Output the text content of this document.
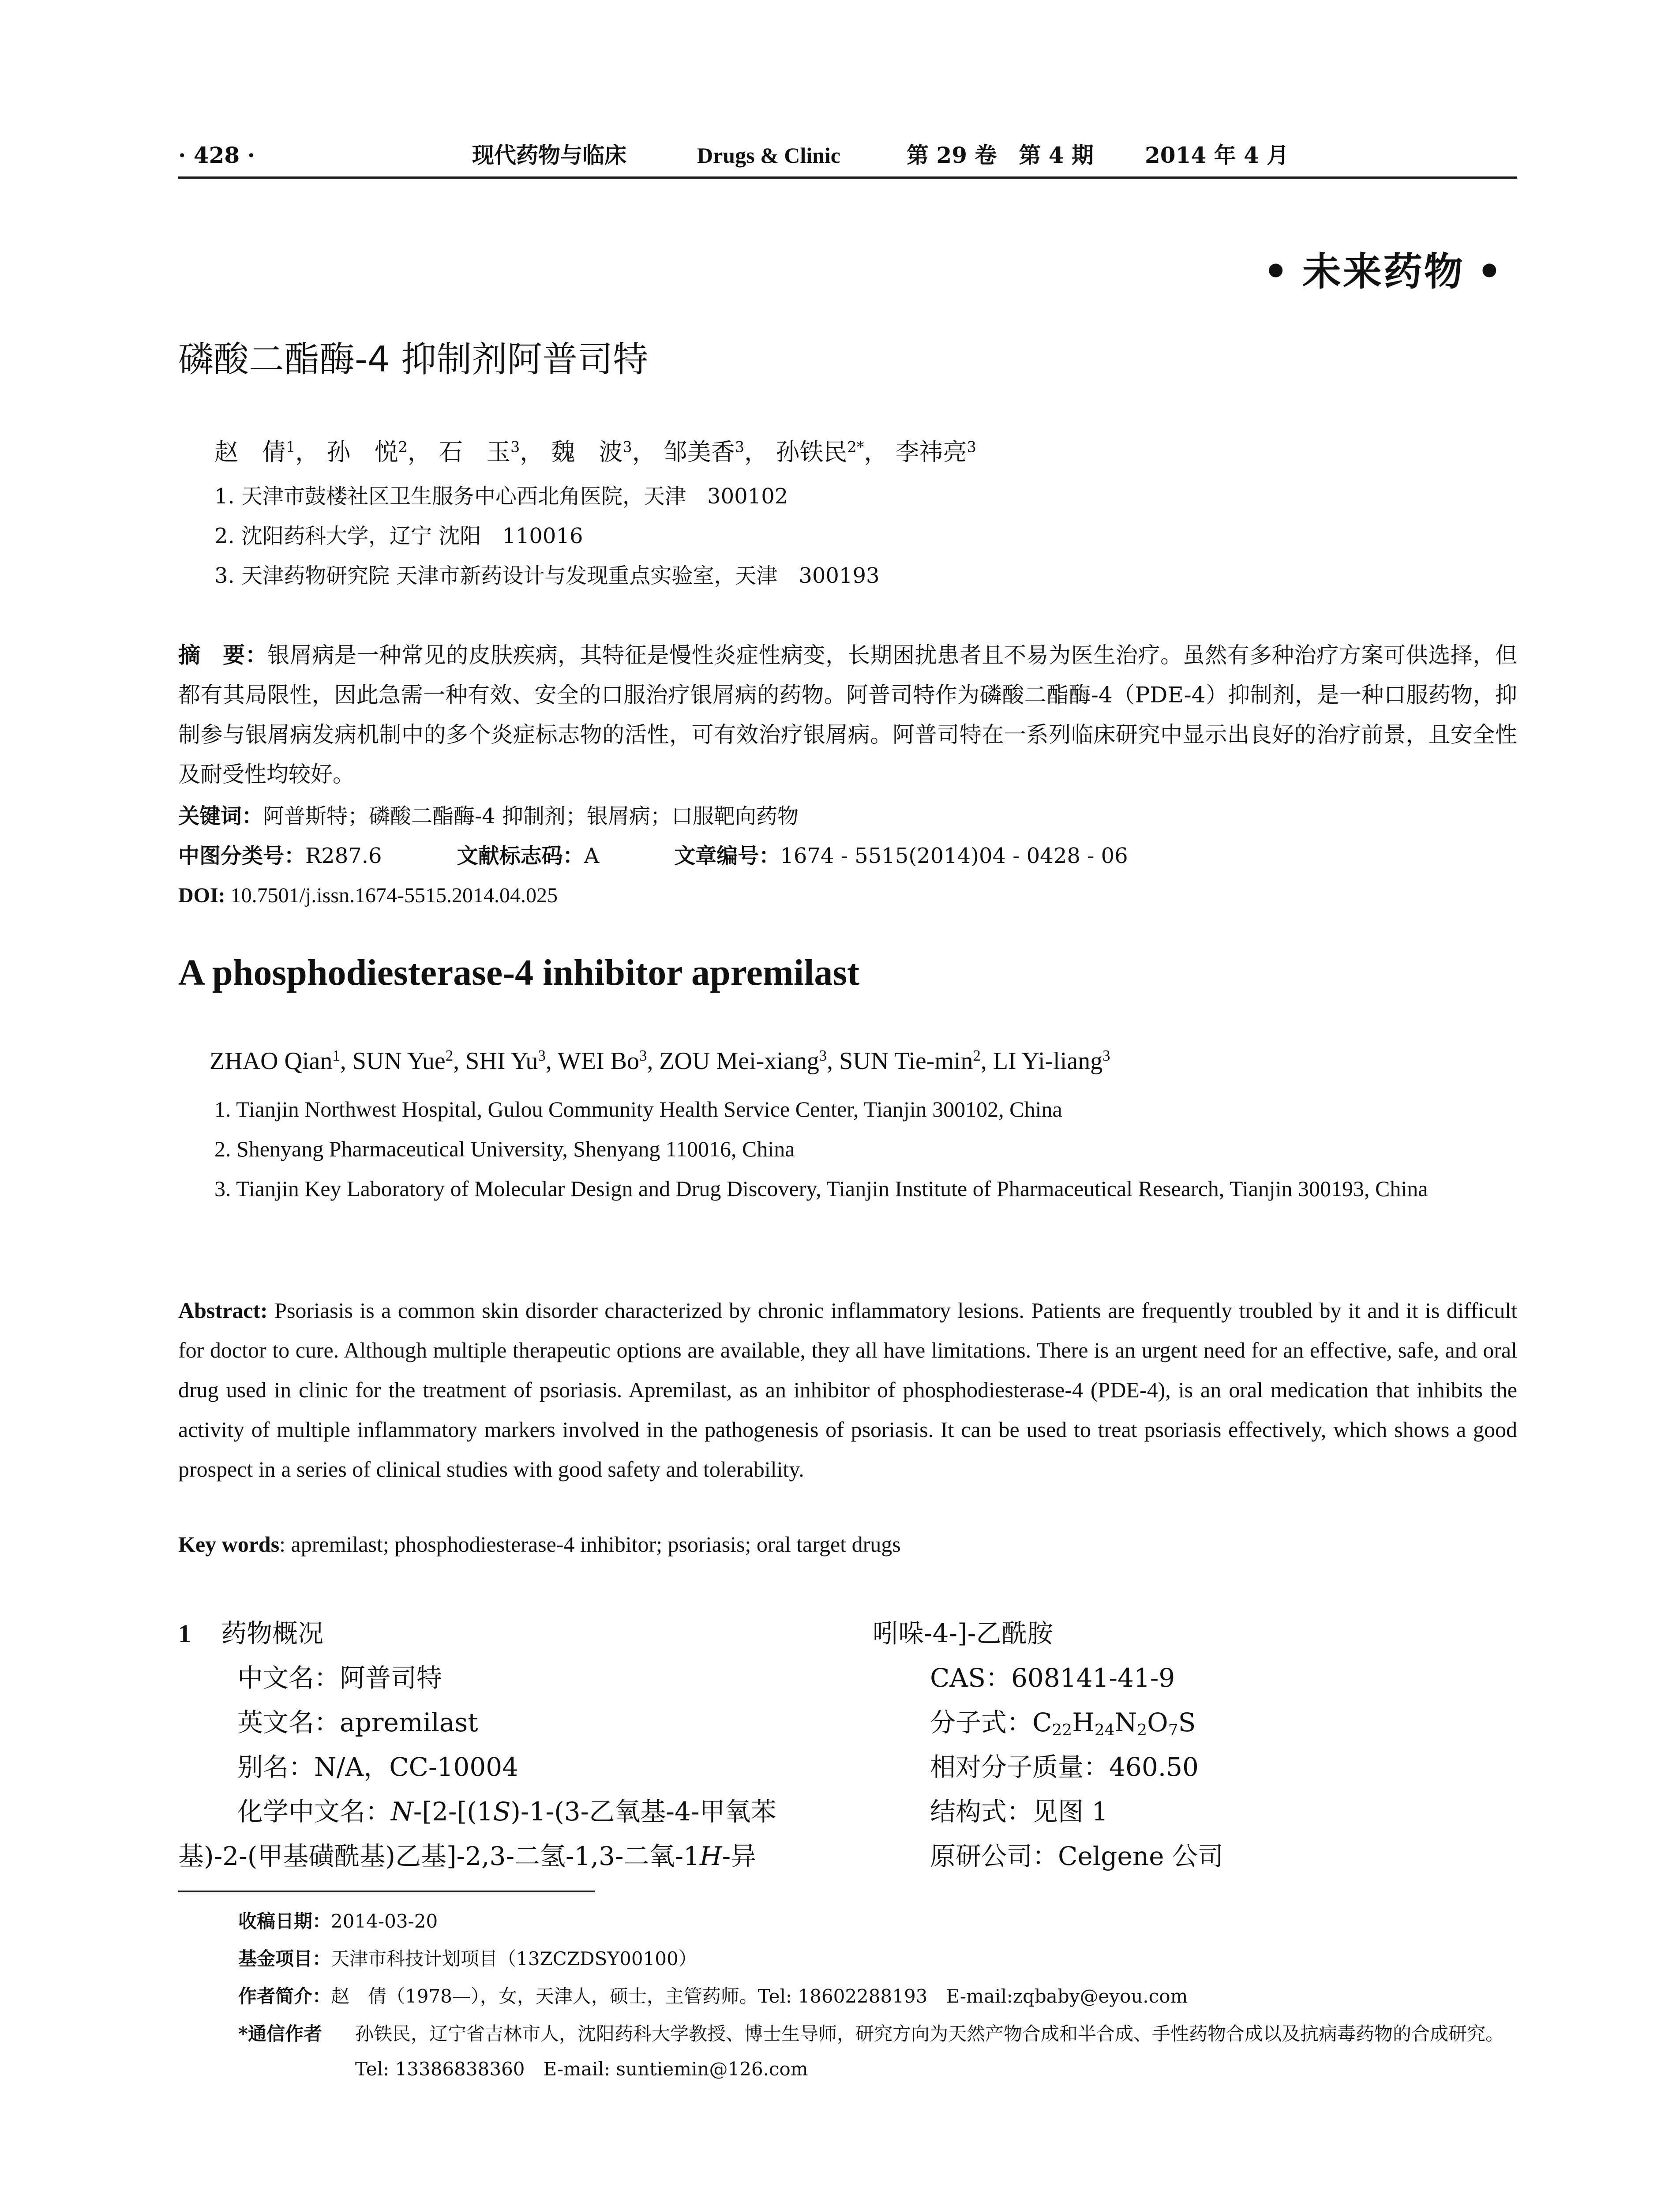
· 428 ·	现代药物与临床	Drugs & Clinic	第 29 卷　第 4 期 2014 年 4 月
• 未来药物 •
磷酸二酯酶-4 抑制剂阿普司特
赵　倩$^1$， 孙　悦$^2$， 石　玉$^3$， 魏　波$^3$， 邹美香$^3$， 孙铁民$^{2*}$， 李祎亮$^3$
1. 天津市鼓楼社区卫生服务中心西北角医院，天津　300102
2. 沈阳药科大学，辽宁 沈阳　110016
3. 天津药物研究院 天津市新药设计与发现重点实验室，天津　300193
摘　要：银屑病是一种常见的皮肤疾病，其特征是慢性炎症性病变，长期困扰患者且不易为医生治疗。虽然有多种治疗方案可供选择，但都有其局限性，因此急需一种有效、安全的口服治疗银屑病的药物。阿普司特作为磷酸二酯酶-4（PDE-4）抑制剂，是一种口服药物，抑制参与银屑病发病机制中的多个炎症标志物的活性，可有效治疗银屑病。阿普司特在一系列临床研究中显示出良好的治疗前景，且安全性及耐受性均较好。
关键词：阿普斯特；磷酸二酯酶-4 抑制剂；银屑病；口服靶向药物
中图分类号：R287.6	文献标志码：A	文章编号：1674 - 5515(2014)04 - 0428 - 06
DOI: 10.7501/j.issn.1674-5515.2014.04.025
A phosphodiesterase-4 inhibitor apremilast
ZHAO Qian$^1$, SUN Yue$^2$, SHI Yu$^3$, WEI Bo$^3$, ZOU Mei-xiang$^3$, SUN Tie-$\min^2$, LI Yi-liang$^3$
1. Tianjin Northwest Hospital, Gulou Community Health Service Center, Tianjin 300102, China
2. Shenyang Pharmaceutical University, Shenyang 110016, China
3. Tianjin Key Laboratory of Molecular Design and Drug Discovery, Tianjin Institute of Pharmaceutical Research, Tianjin 300193, China
Abstract: Psoriasis is a common skin disorder characterized by chronic inflammatory lesions. Patients are frequently troubled by it and it is difficult for doctor to cure. Although multiple therapeutic options are available, they all have limitations. There is an urgent need for an effective, safe, and oral drug used in clinic for the treatment of psoriasis. Apremilast, as an inhibitor of phosphodiesterase-4 (PDE-4), is an oral medication that inhibits the activity of multiple inflammatory markers involved in the pathogenesis of psoriasis. It can be used to treat psoriasis effectively, which shows a good prospect in a series of clinical studies with good safety and tolerability.
Key words: apremilast; phosphodiesterase-4 inhibitor; psoriasis; oral target drugs
1 药物概况
中文名：阿普司特
英文名：apremilast
别名：N/A，CC-10004
化学中文名：N-[2-[(1S)-1-(3-乙氧基-4-甲氧苯
基)-2-(甲基磺酰基)乙基]-2,3-二氢-1,3-二氧-1H-异
吲哚-4-]-乙酰胺
CAS：608141-41-9
分子式：$C_{22}H_{24}N_2O_7S$
相对分子质量：460.50
结构式：见图 1
原研公司：Celgene 公司
收稿日期：2014-03-20
基金项目：天津市科技计划项目（13ZCZDSY00100）
作者简介：赵　倩（1978—），女，天津人，硕士，主管药师。Tel: 18602288193　E-mail:zqbaby@eyou.com
*通信作者 孙铁民，辽宁省吉林市人，沈阳药科大学教授、博士生导师，研究方向为天然产物合成和半合成、手性药物合成以及抗病毒药物的合成研究。Tel: 13386838360　E-mail: suntiemin@126.com
